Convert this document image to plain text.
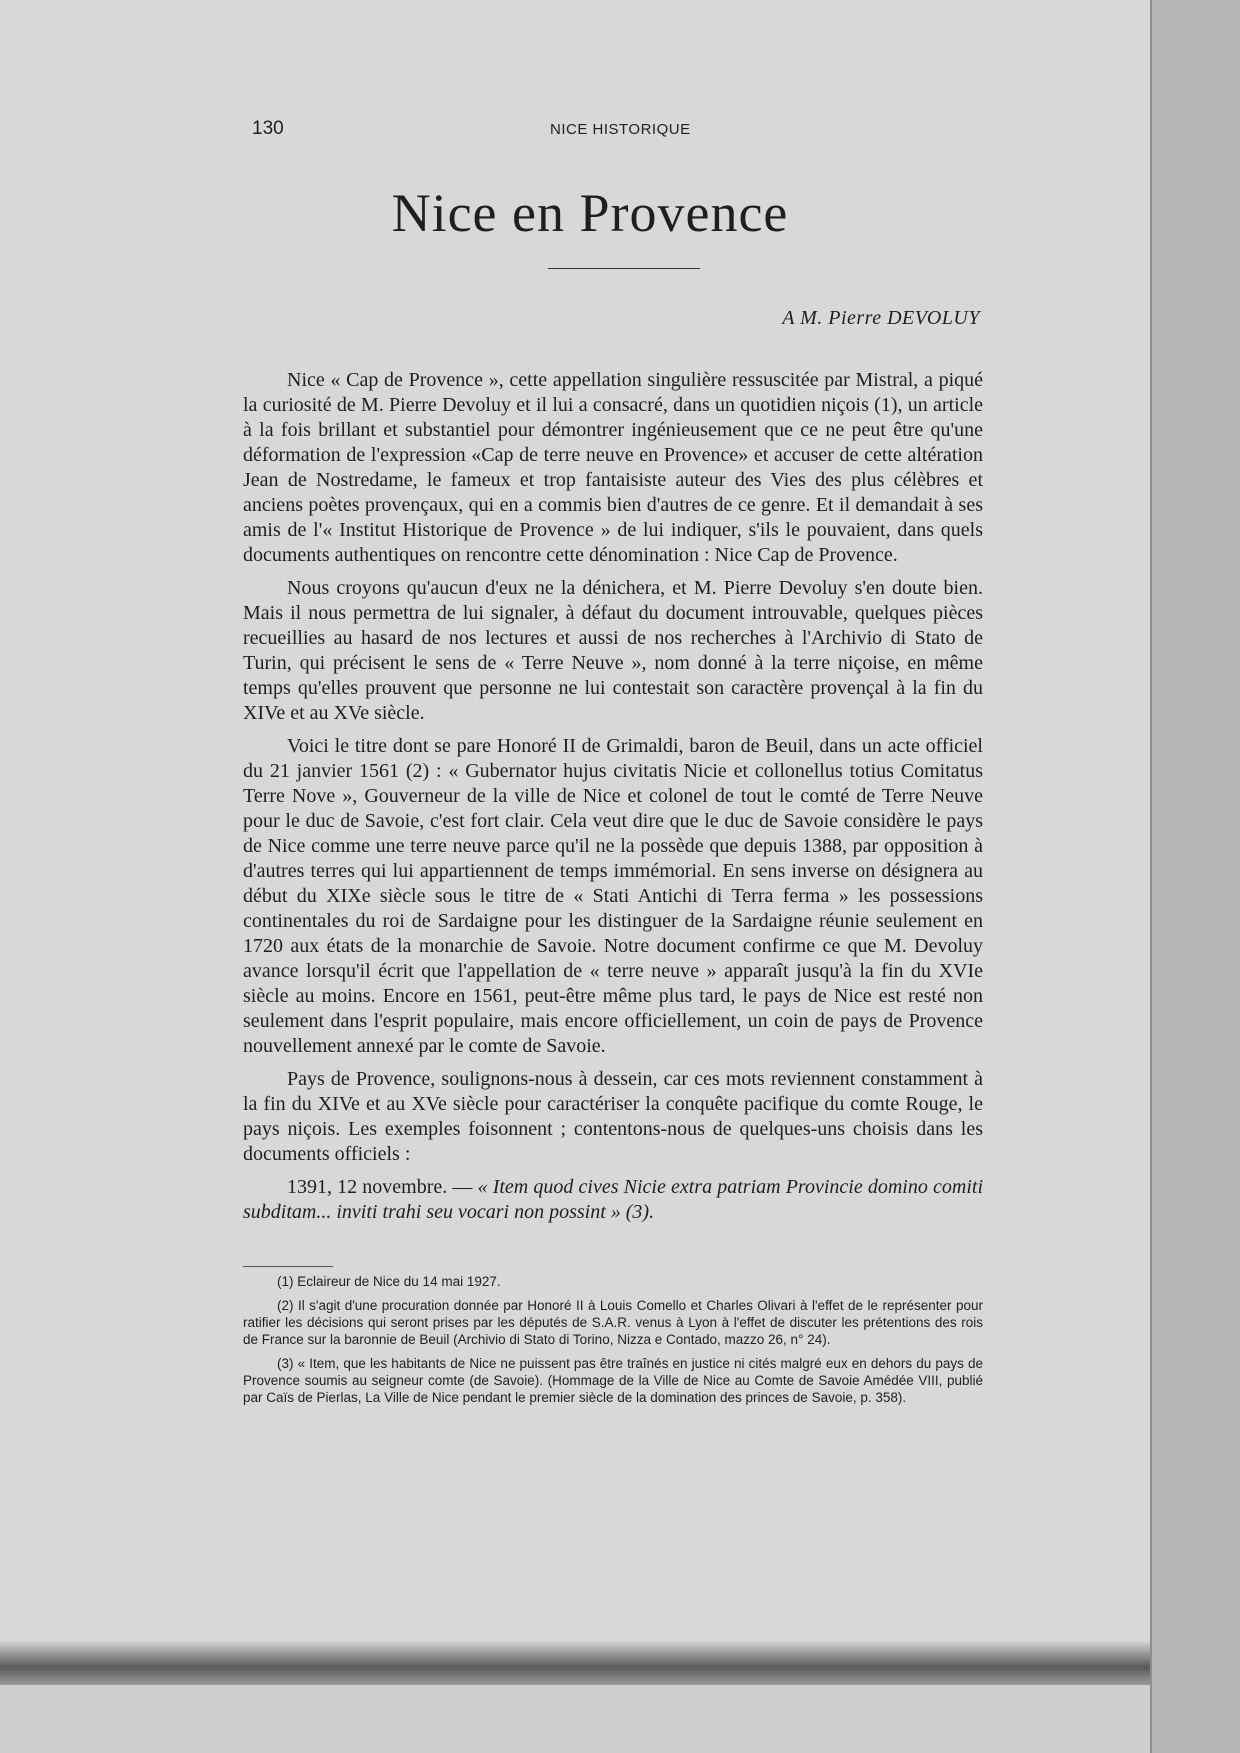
130	NICE HISTORIQUE
Nice en Provence
A M. Pierre DEVOLUY

Nice « Cap de Provence », cette appellation singulière ressuscitée par Mistral, a piqué la curiosité de M. Pierre Devoluy et il lui a consacré, dans un quotidien niçois (1), un article à la fois brillant et substantiel pour démontrer ingénieusement que ce ne peut être qu'une déformation de l'expression «Cap de terre neuve en Provence» et accuser de cette altération Jean de Nostredame, le fameux et trop fantaisiste auteur des Vies des plus célèbres et anciens poètes provençaux, qui en a commis bien d'autres de ce genre. Et il demandait à ses amis de l'« Institut Historique de Provence » de lui indiquer, s'ils le pouvaient, dans quels documents authentiques on rencontre cette dénomination : Nice Cap de Provence.

Nous croyons qu'aucun d'eux ne la dénichera, et M. Pierre Devoluy s'en doute bien. Mais il nous permettra de lui signaler, à défaut du document introuvable, quelques pièces recueillies au hasard de nos lectures et aussi de nos recherches à l'Archivio di Stato de Turin, qui précisent le sens de « Terre Neuve », nom donné à la terre niçoise, en même temps qu'elles prouvent que personne ne lui contestait son caractère provençal à la fin du XIVe et au XVe siècle.

Voici le titre dont se pare Honoré II de Grimaldi, baron de Beuil, dans un acte officiel du 21 janvier 1561 (2) : « Gubernator hujus civitatis Nicie et collonellus totius Comitatus Terre Nove », Gouverneur de la ville de Nice et colonel de tout le comté de Terre Neuve pour le duc de Savoie, c'est fort clair. Cela veut dire que le duc de Savoie considère le pays de Nice comme une terre neuve parce qu'il ne la possède que depuis 1388, par opposition à d'autres terres qui lui appartiennent de temps immémorial. En sens inverse on désignera au début du XIXe siècle sous le titre de « Stati Antichi di Terra ferma » les possessions continentales du roi de Sardaigne pour les distinguer de la Sardaigne réunie seulement en 1720 aux états de la monarchie de Savoie. Notre document confirme ce que M. Devoluy avance lorsqu'il écrit que l'appellation de « terre neuve » apparaît jusqu'à la fin du XVIe siècle au moins. Encore en 1561, peut-être même plus tard, le pays de Nice est resté non seulement dans l'esprit populaire, mais encore officiellement, un coin de pays de Provence nouvellement annexé par le comte de Savoie.

Pays de Provence, soulignons-nous à dessein, car ces mots reviennent constamment à la fin du XIVe et au XVe siècle pour caractériser la conquête pacifique du comte Rouge, le pays niçois. Les exemples foisonnent ; contentons-nous de quelques-uns choisis dans les documents officiels :

1391, 12 novembre. — « Item quod cives Nicie extra patriam Provincie domino comiti subditam... inviti trahi seu vocari non possint » (3).

(1) Eclaireur de Nice du 14 mai 1927.

(2) Il s'agit d'une procuration donnée par Honoré II à Louis Comello et Charles Olivari à l'effet de le représenter pour ratifier les décisions qui seront prises par les députés de S.A.R. venus à Lyon à l'effet de discuter les prétentions des rois de France sur la baronnie de Beuil (Archivio di Stato di Torino, Nizza e Contado, mazzo 26, n° 24).

(3) « Item, que les habitants de Nice ne puissent pas être traînés en justice ni cités malgré eux en dehors du pays de Provence soumis au seigneur comte (de Savoie). (Hommage de la Ville de Nice au Comte de Savoie Amédée VIII, publié par Caïs de Pierlas, La Ville de Nice pendant le premier siècle de la domination des princes de Savoie, p. 358).
